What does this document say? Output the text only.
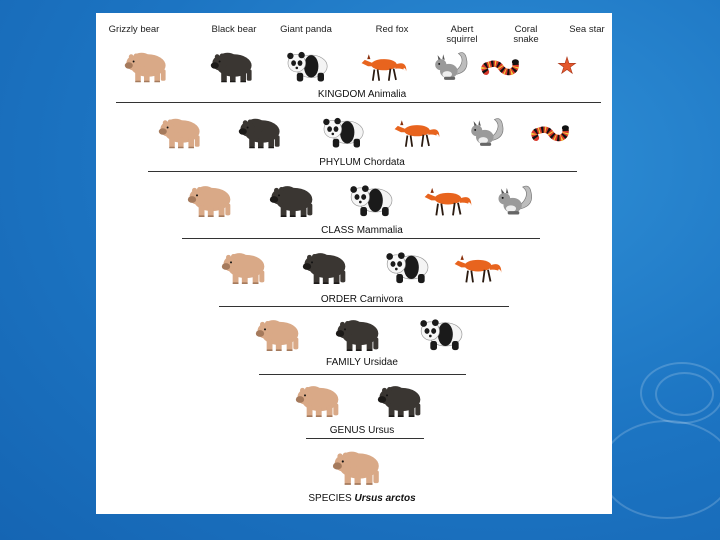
Grizzly bear	Black bear	Giant panda	Red fox	Abert
squirrel
Coral
snake
Sea star
KINGDOM Animalia
PHYLUM Chordata
CLASS Mammalia
ORDER Carnivora
FAMILY Ursidae
GENUS Ursus
SPECIES Ursus arctos
